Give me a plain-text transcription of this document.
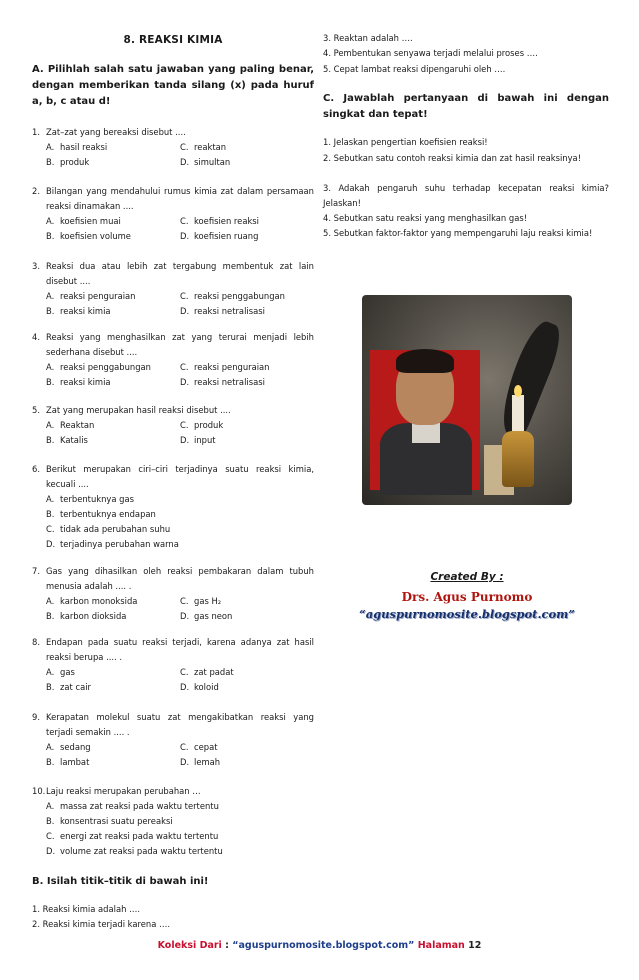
8. REAKSI KIMIA
A. Pilihlah salah satu jawaban yang paling benar, dengan memberikan tanda silang (x) pada huruf a, b, c atau d!
1. Zat–zat yang bereaksi disebut ....
A. hasil reaksi	C. reaktan
B. produk	D. simultan
2. Bilangan yang mendahului rumus kimia zat dalam persamaan reaksi dinamakan ....
A. koefisien muai	C. koefisien reaksi
B. koefisien volume	D. koefisien ruang
3. Reaksi dua atau lebih zat tergabung membentuk zat lain disebut ....
A. reaksi penguraian	C. reaksi penggabungan
B. reaksi kimia	D. reaksi netralisasi
4. Reaksi yang menghasilkan zat yang terurai menjadi lebih sederhana disebut ....
A. reaksi penggabungan	C. reaksi penguraian
B. reaksi kimia	D. reaksi netralisasi
5. Zat yang merupakan hasil reaksi disebut ....
A. Reaktan	C. produk
B. Katalis	D. input
6. Berikut merupakan ciri–ciri terjadinya suatu reaksi kimia, kecuali ....
A. terbentuknya gas
B. terbentuknya endapan
C. tidak ada perubahan suhu
D. terjadinya perubahan warna
7. Gas yang dihasilkan oleh reaksi pembakaran dalam tubuh menusia adalah .... .
A. karbon monoksida	C. gas H₂
B. karbon dioksida	D. gas neon
8. Endapan pada suatu reaksi terjadi, karena adanya zat hasil reaksi berupa .... .
A. gas	C. zat padat
B. zat cair	D. koloid
9. Kerapatan molekul suatu zat mengakibatkan reaksi yang terjadi semakin .... .
A. sedang	C. cepat
B. lambat	D. lemah
10.Laju reaksi merupakan perubahan …
A. massa zat reaksi pada waktu tertentu
B. konsentrasi suatu pereaksi
C. energi zat reaksi pada waktu tertentu
D. volume zat reaksi pada waktu tertentu
B. Isilah titik–titik di bawah ini!
1. Reaksi kimia adalah ….
2. Reaksi kimia terjadi karena ….
3. Reaktan adalah ….
4. Pembentukan senyawa terjadi melalui proses ….
5. Cepat lambat reaksi dipengaruhi oleh ….
C. Jawablah pertanyaan di bawah ini dengan singkat dan tepat!
1. Jelaskan pengertian koefisien reaksi!
2. Sebutkan satu contoh reaksi kimia dan zat hasil reaksinya!
3. Adakah pengaruh suhu terhadap kecepatan reaksi kimia? Jelaskan!
4. Sebutkan satu reaksi yang menghasilkan gas!
5. Sebutkan faktor-faktor yang mempengaruhi laju reaksi kimia!
Created By :
Drs. Agus Purnomo
“aguspurnomosite.blogspot.com”
Koleksi Dari : “aguspurnomosite.blogspot.com” Halaman 12
